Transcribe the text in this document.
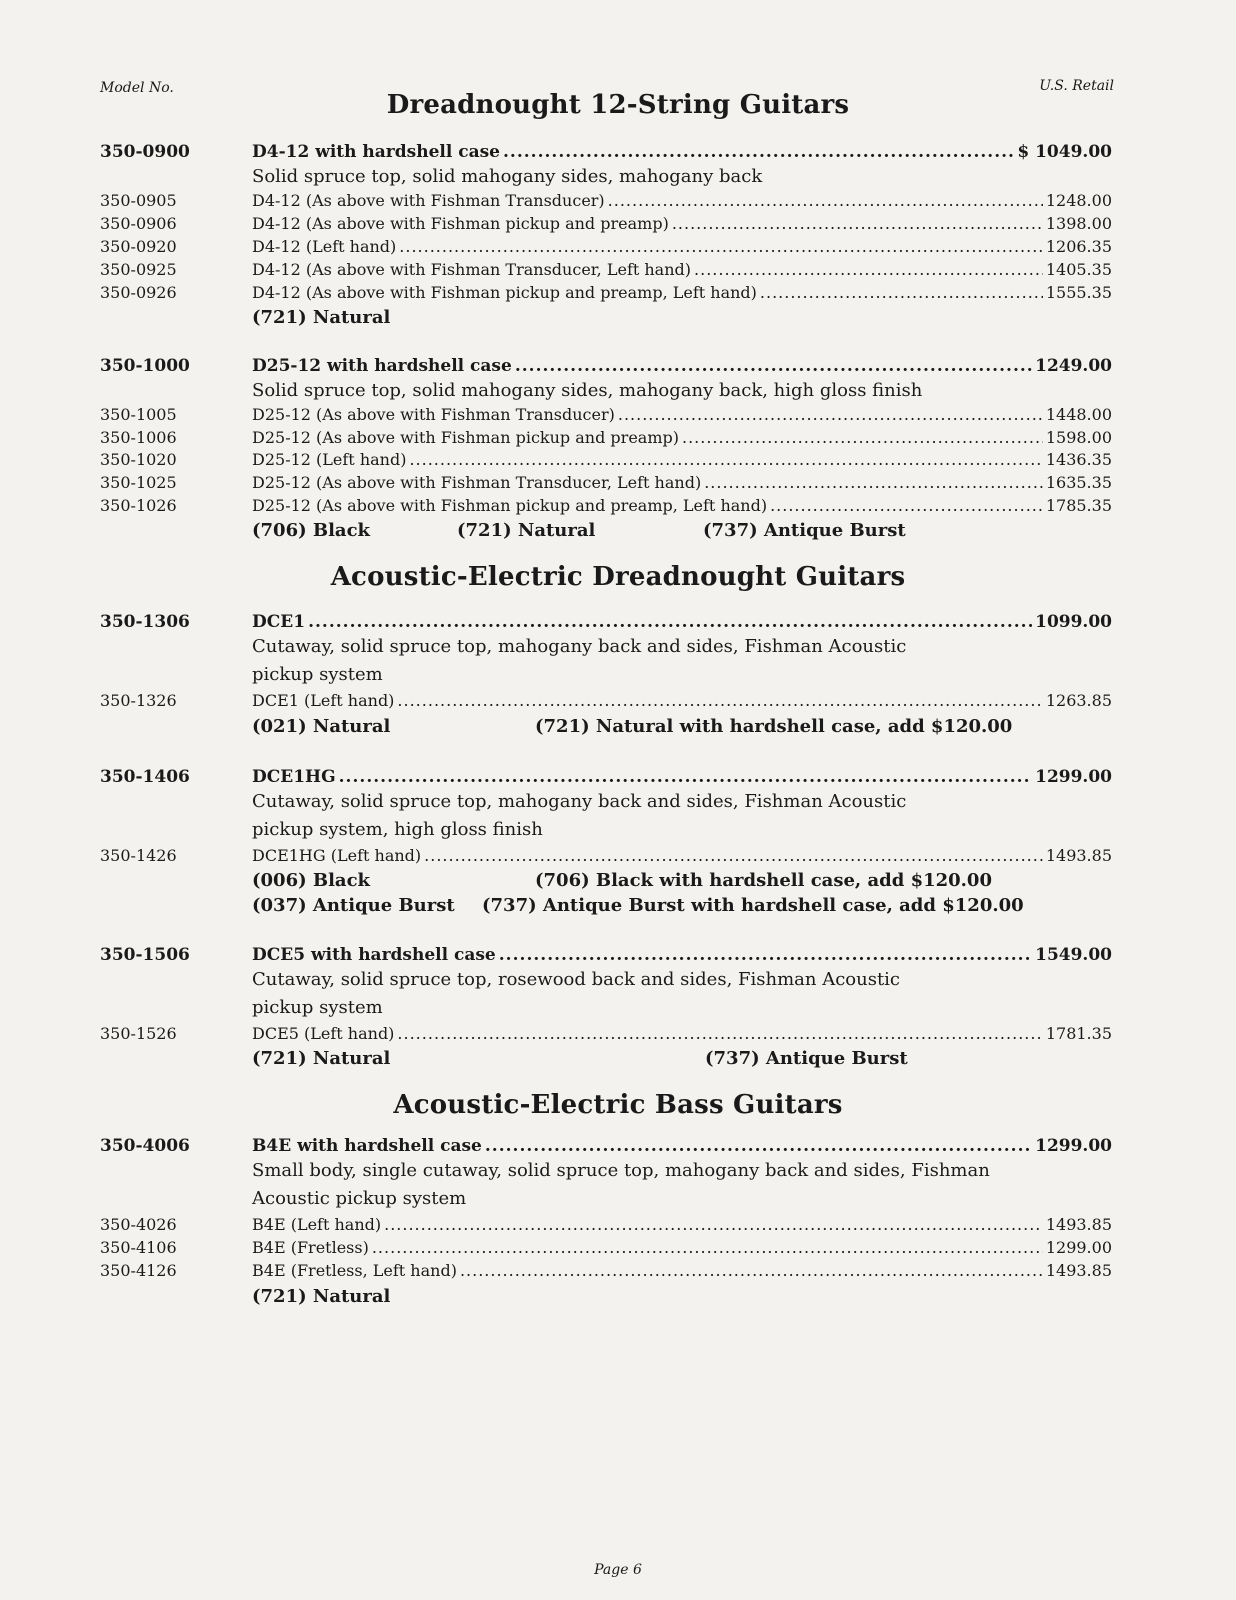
Model No.	U.S. Retail
Dreadnought 12-String Guitars
350-0900	D4-12 with hardshell case .....	$ 1049.00
Solid spruce top, solid mahogany sides, mahogany back
350-0905	D4-12 (As above with Fishman Transducer) .....	1248.00
350-0906	D4-12 (As above with Fishman pickup and preamp) .....	1398.00
350-0920	D4-12 (Left hand) .....	1206.35
350-0925	D4-12 (As above with Fishman Transducer, Left hand) .....	1405.35
350-0926	D4-12 (As above with Fishman pickup and preamp, Left hand) .....	1555.35
(721) Natural
350-1000	D25-12 with hardshell case .....	1249.00
Solid spruce top, solid mahogany sides, mahogany back, high gloss finish
350-1005	D25-12 (As above with Fishman Transducer) .....	1448.00
350-1006	D25-12 (As above with Fishman pickup and preamp) .....	1598.00
350-1020	D25-12 (Left hand) .....	1436.35
350-1025	D25-12 (As above with Fishman Transducer, Left hand) .....	1635.35
350-1026	D25-12 (As above with Fishman pickup and preamp, Left hand) .....	1785.35
(706) Black	(721) Natural	(737) Antique Burst
Acoustic-Electric Dreadnought Guitars
350-1306	DCE1 .....	1099.00
Cutaway, solid spruce top, mahogany back and sides, Fishman Acoustic
pickup system
350-1326	DCE1 (Left hand) .....	1263.85
(021) Natural	(721) Natural with hardshell case, add $120.00
350-1406	DCE1HG .....	1299.00
Cutaway, solid spruce top, mahogany back and sides, Fishman Acoustic
pickup system, high gloss finish
350-1426	DCE1HG (Left hand) .....	1493.85
(006) Black	(706) Black with hardshell case, add $120.00
(037) Antique Burst (737) Antique Burst with hardshell case, add $120.00
350-1506	DCE5 with hardshell case .....	1549.00
Cutaway, solid spruce top, rosewood back and sides, Fishman Acoustic
pickup system
350-1526	DCE5 (Left hand) .....	1781.35
(721) Natural	(737) Antique Burst
Acoustic-Electric Bass Guitars
350-4006	B4E with hardshell case .....	1299.00
Small body, single cutaway, solid spruce top, mahogany back and sides, Fishman
Acoustic pickup system
350-4026	B4E (Left hand) .....	1493.85
350-4106	B4E (Fretless) .....	1299.00
350-4126	B4E (Fretless, Left hand) .....	1493.85
(721) Natural
Page 6
